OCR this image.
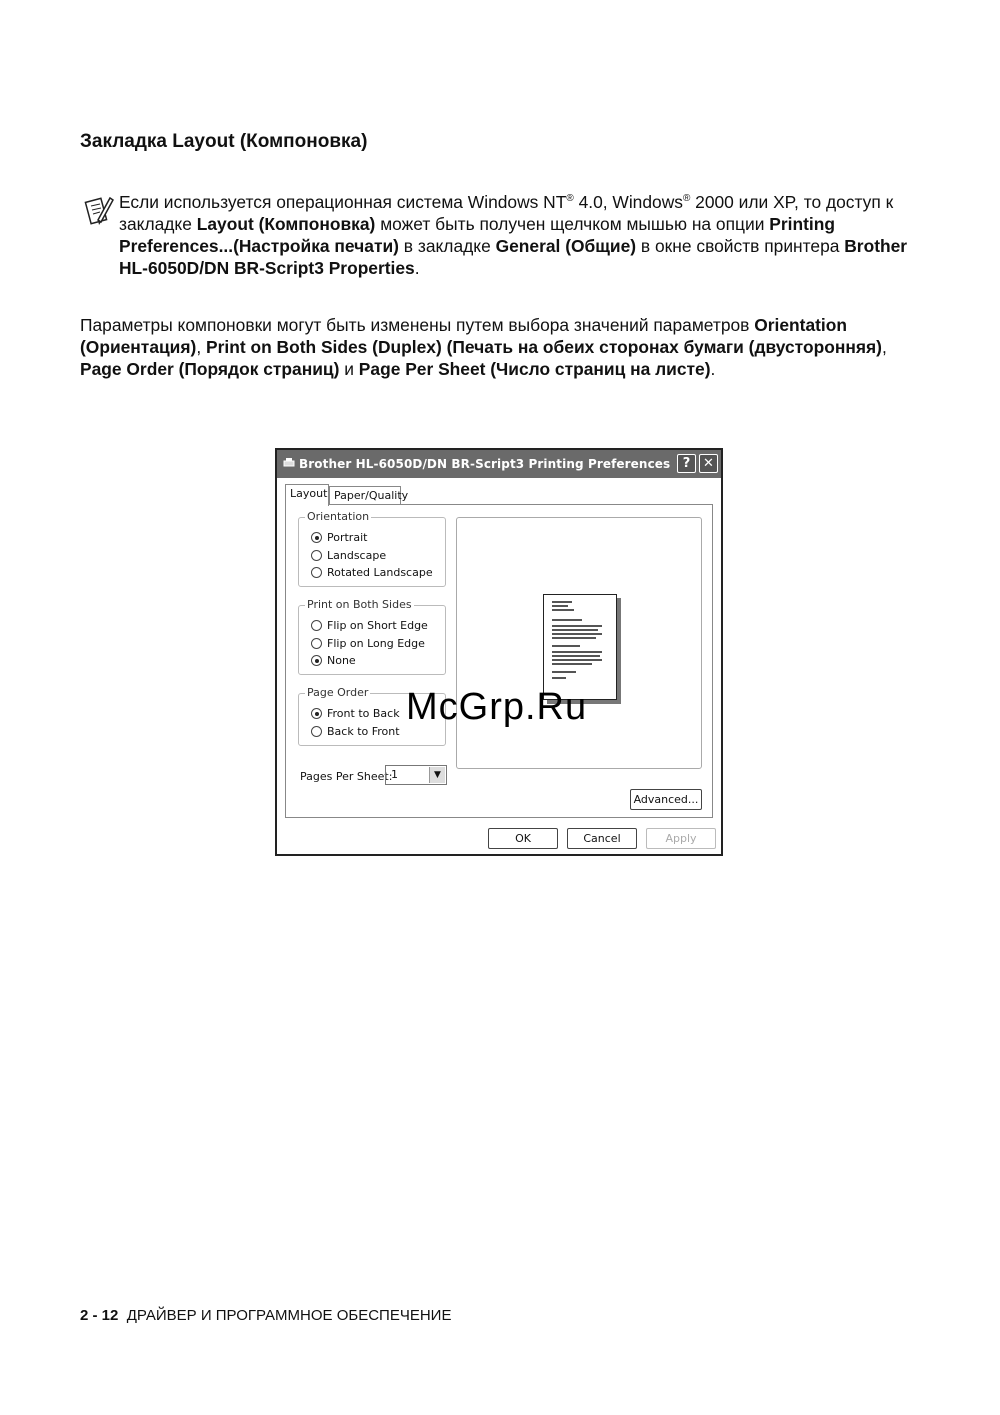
Закладка Layout (Компоновка)
Если используется операционная система Windows NT® 4.0, Windows® 2000 или XP, то доступ к закладке Layout (Компоновка) может быть получен щелчком мышью на опции Printing Preferences...(Настройка печати) в закладке General (Общие) в окне свойств принтера Brother HL-6050D/DN BR-Script3 Properties.
Параметры компоновки могут быть изменены путем выбора значений параметров Orientation (Ориентация), Print on Both Sides (Duplex) (Печать на обеих сторонах бумаги (двусторонняя), Page Order (Порядок страниц) и Page Per Sheet (Число страниц на листе).
Brother HL-6050D/DN BR-Script3 Printing Preferences ? ✕
Layout Paper/Quality
Orientation
Portrait
Landscape
Rotated Landscape
Print on Both Sides
Flip on Short Edge
Flip on Long Edge
None
Page Order
Front to Back
Back to Front
Pages Per Sheet:
1	▼
Advanced...
OK	Cancel	Apply
McGrp.Ru
2 - 12 ДРАЙВЕР И ПРОГРАММНОЕ ОБЕСПЕЧЕНИЕ
